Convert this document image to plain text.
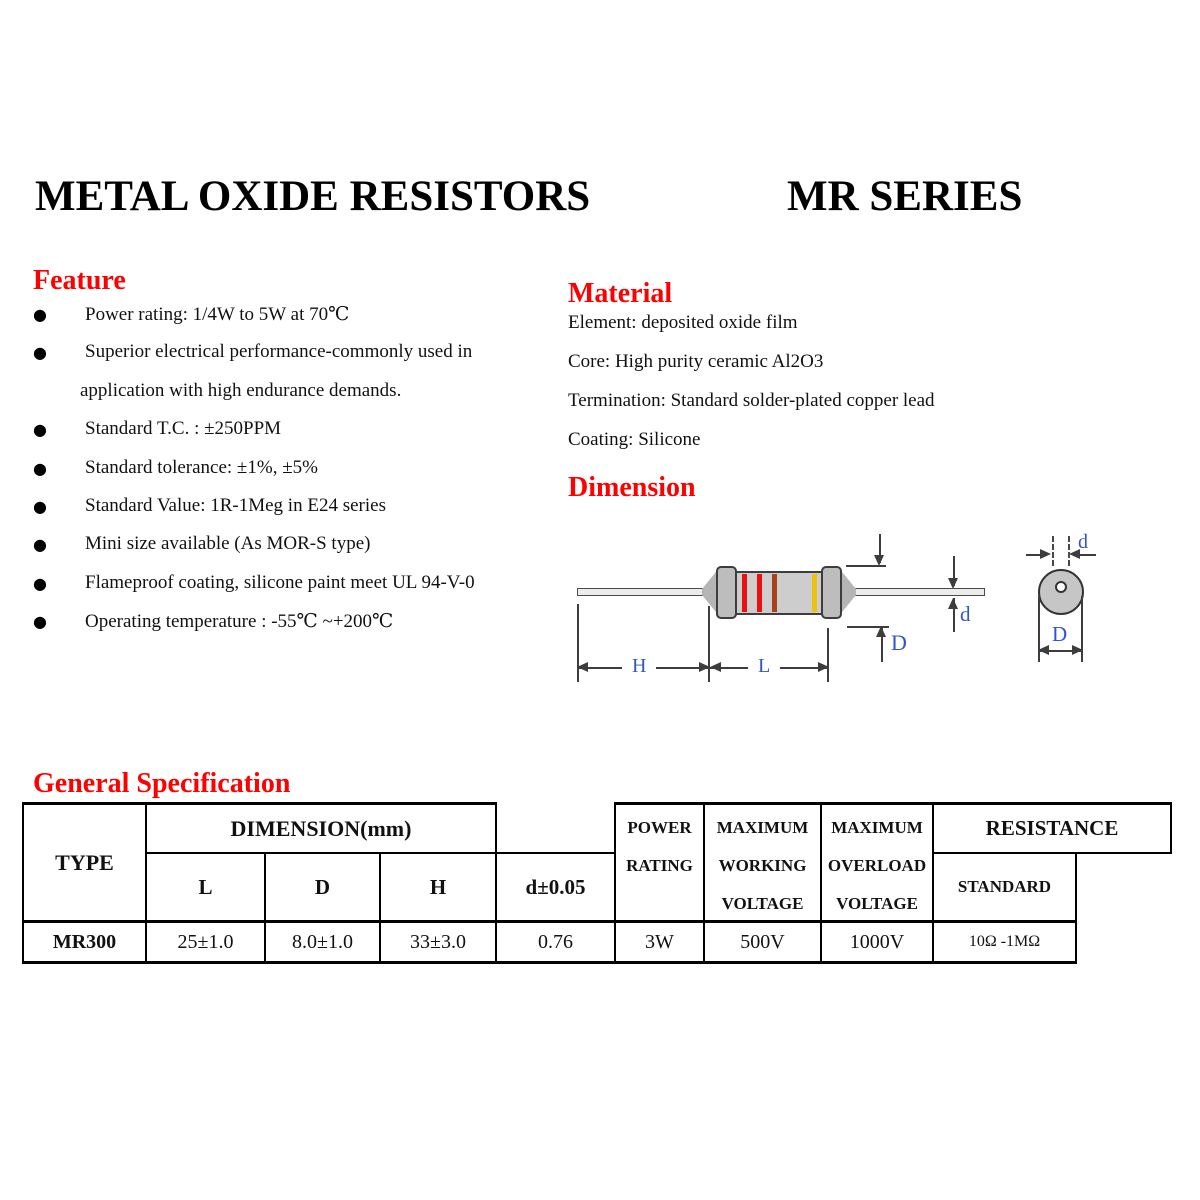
METAL OXIDE RESISTORS	MR SERIES
Feature
● Power rating: 1/4W to 5W at 70℃
● Superior electrical performance-commonly used in
application with high endurance demands.
● Standard T.C. : ±250PPM
● Standard tolerance: ±1%, ±5%
● Standard Value: 1R-1Meg in E24 series
● Mini size available (As MOR-S type)
● Flameproof coating, silicone paint meet UL 94-V-0
● Operating temperature : -55℃ ~+200℃
Material
Element: deposited oxide film
Core: High purity ceramic Al2O3
Termination: Standard solder-plated copper lead
Coating: Silicone
Dimension
D
d
H	L
d
D
General Specification
TYPE
DIMENSION(mm)
L	D	H	d±0.05
POWER
RATING
MAXIMUM
WORKING
VOLTAGE
MAXIMUM
OVERLOAD
VOLTAGE
RESISTANCE
STANDARD
MR300	25±1.0	8.0±1.0	33±3.0	0.76	3W	500V	1000V	10Ω -1MΩ
